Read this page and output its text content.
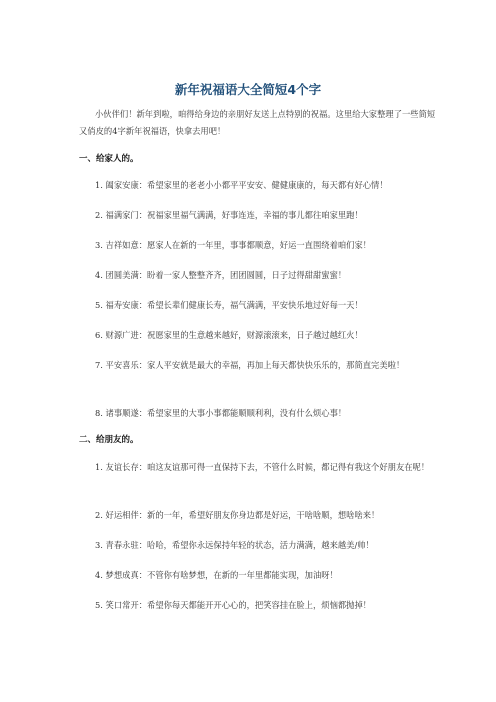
新年祝福语大全简短4个字

小伙伴们！新年到啦，咱得给身边的亲朋好友送上点特别的祝福。这里给大家整理了一些简短又俏皮的4字新年祝福语，快拿去用吧！

一、给家人的。

1. 阖家安康：希望家里的老老小小都平平安安、健健康康的，每天都有好心情！

2. 福满家门：祝福家里福气满满，好事连连，幸福的事儿都往咱家里跑！

3. 吉祥如意：愿家人在新的一年里，事事都顺意，好运一直围绕着咱们家！

4. 团圆美满：盼着一家人整整齐齐，团团圆圆，日子过得甜甜蜜蜜！

5. 福寿安康：希望长辈们健康长寿，福气满满，平安快乐地过好每一天！

6. 财源广进：祝愿家里的生意越来越好，财源滚滚来，日子越过越红火！

7. 平安喜乐：家人平安就是最大的幸福，再加上每天都快快乐乐的，那简直完美啦！

8. 诸事顺遂：希望家里的大事小事都能顺顺利利，没有什么烦心事！

二、给朋友的。

1. 友谊长存：咱这友谊那可得一直保持下去，不管什么时候，都记得有我这个好朋友在呢！

2. 好运相伴：新的一年，希望好朋友你身边都是好运，干啥啥顺，想啥啥来！

3. 青春永驻：哈哈，希望你永远保持年轻的状态，活力满满，越来越美/帅！

4. 梦想成真：不管你有啥梦想，在新的一年里都能实现，加油呀！

5. 笑口常开：希望你每天都能开开心心的，把笑容挂在脸上，烦恼都抛掉！
